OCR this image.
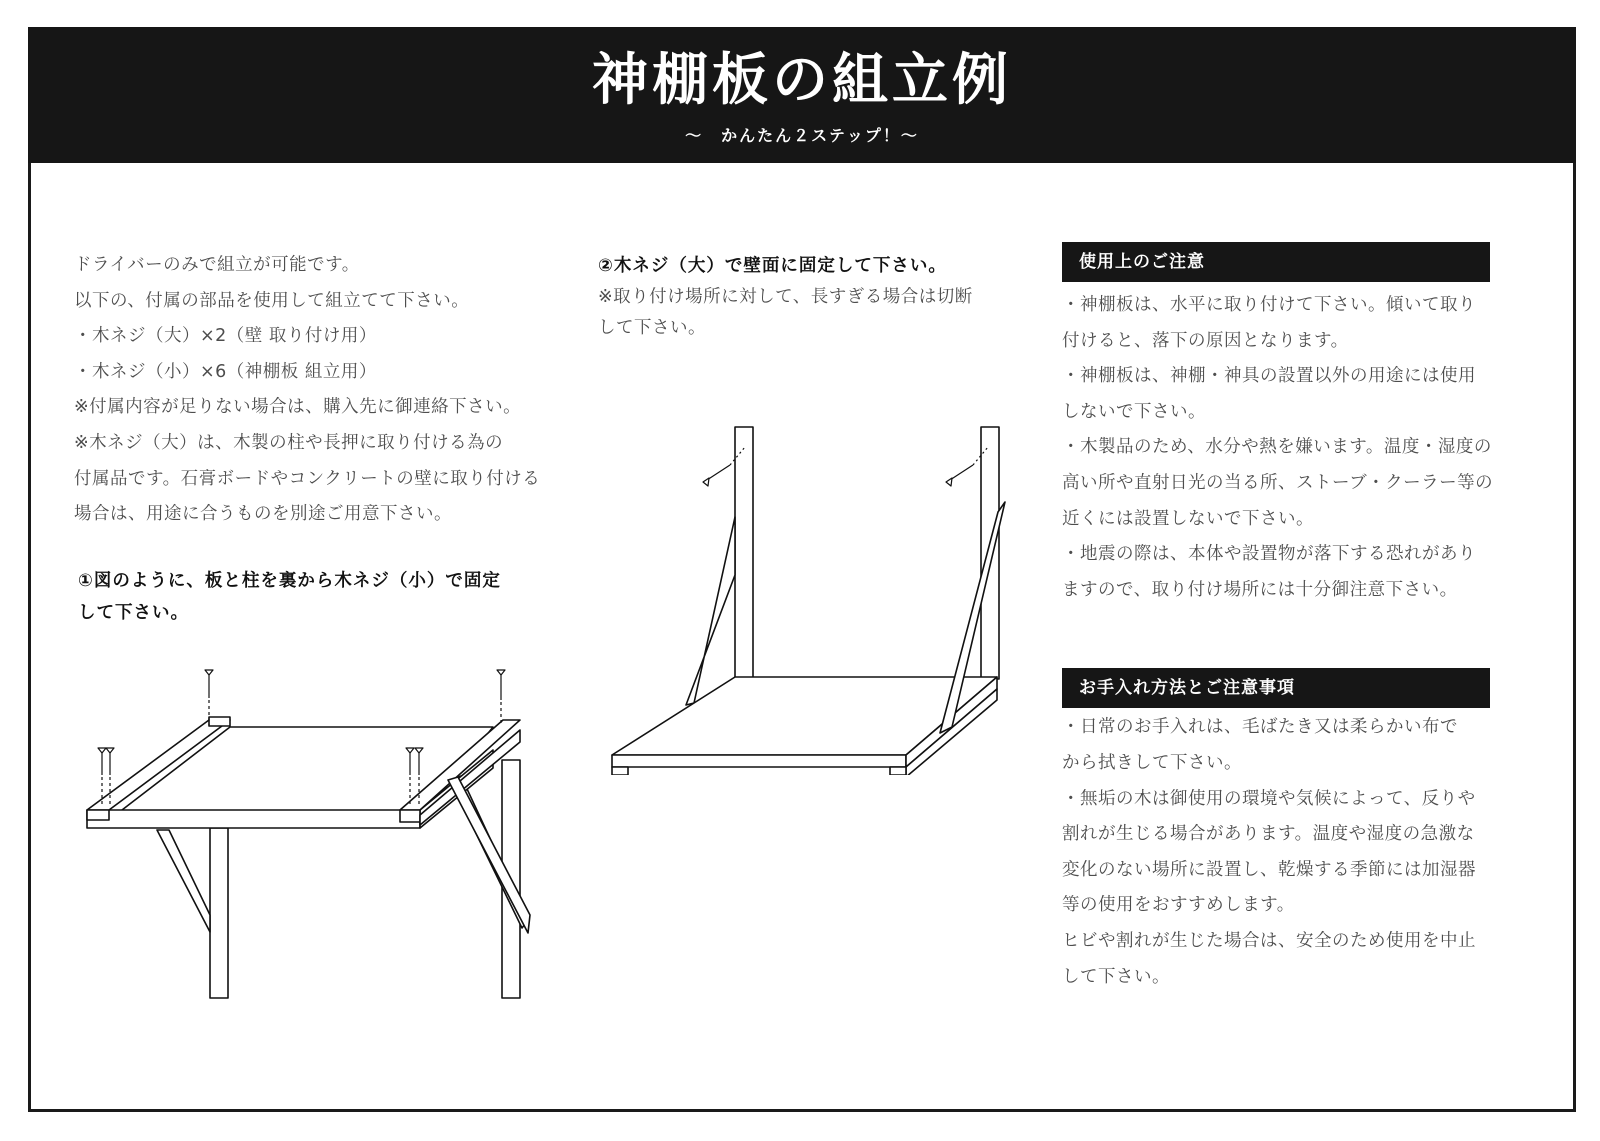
神棚板の組立例
〜　かんたん２ステップ！〜
ドライバーのみで組立が可能です。
以下の、付属の部品を使用して組立てて下さい。
・木ネジ（大）×2（壁 取り付け用）
・木ネジ（小）×6（神棚板 組立用）
※付属内容が足りない場合は、購入先に御連絡下さい。
※木ネジ（大）は、木製の柱や長押に取り付ける為の
付属品です。石膏ボードやコンクリートの壁に取り付ける
場合は、用途に合うものを別途ご用意下さい。
①図のように、板と柱を裏から木ネジ（小）で固定
して下さい。
②木ネジ（大）で壁面に固定して下さい。
※取り付け場所に対して、長すぎる場合は切断
して下さい。
使用上のご注意
・神棚板は、水平に取り付けて下さい。傾いて取り
付けると、落下の原因となります。
・神棚板は、神棚・神具の設置以外の用途には使用
しないで下さい。
・木製品のため、水分や熱を嫌います。温度・湿度の
高い所や直射日光の当る所、ストーブ・クーラー等の
近くには設置しないで下さい。
・地震の際は、本体や設置物が落下する恐れがあり
ますので、取り付け場所には十分御注意下さい。
お手入れ方法とご注意事項
・日常のお手入れは、毛ばたき又は柔らかい布で
から拭きして下さい。
・無垢の木は御使用の環境や気候によって、反りや
割れが生じる場合があります。温度や湿度の急激な
変化のない場所に設置し、乾燥する季節には加湿器
等の使用をおすすめします。
ヒビや割れが生じた場合は、安全のため使用を中止
して下さい。
